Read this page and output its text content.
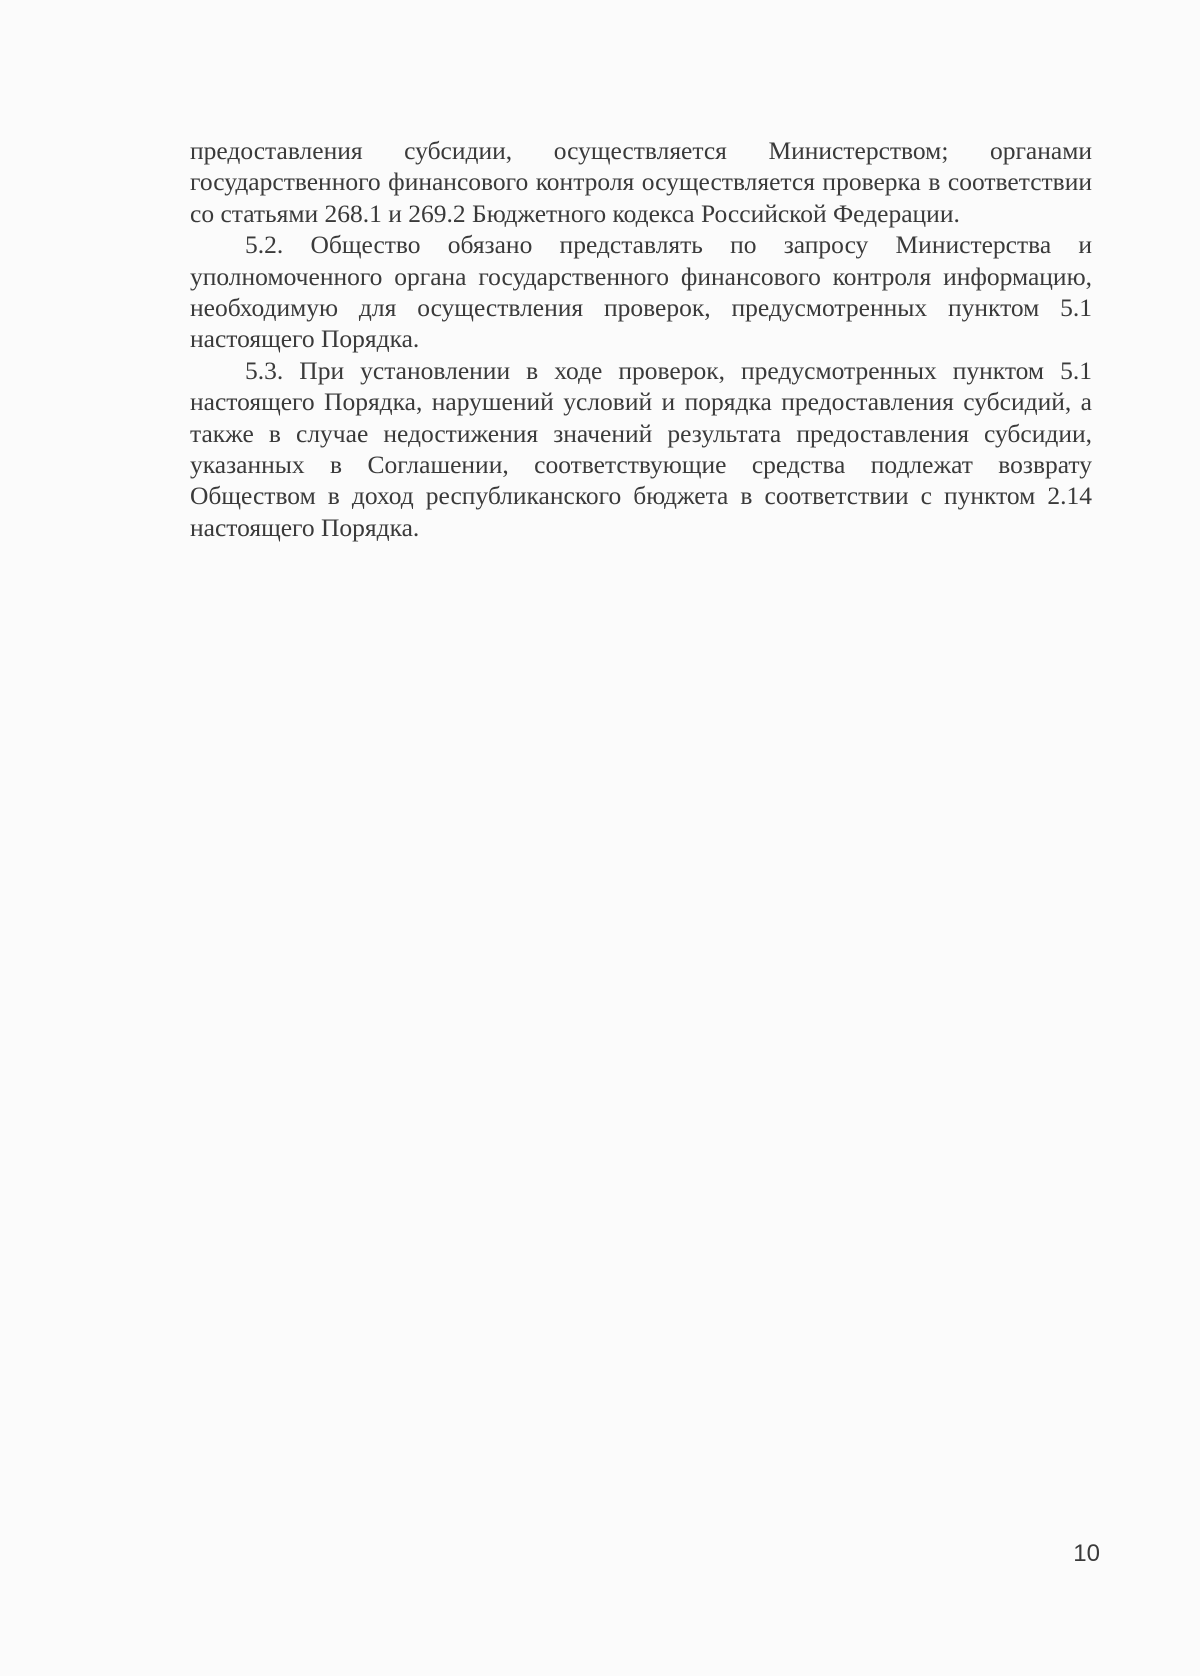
предоставления субсидии, осуществляется Министерством; органами государственного финансового контроля осуществляется проверка в соответствии со статьями 268.1 и 269.2 Бюджетного кодекса Российской Федерации.

5.2. Общество обязано представлять по запросу Министерства и уполномоченного органа государственного финансового контроля информацию, необходимую для осуществления проверок, предусмотренных пунктом 5.1 настоящего Порядка.

5.3. При установлении в ходе проверок, предусмотренных пунктом 5.1 настоящего Порядка, нарушений условий и порядка предоставления субсидий, а также в случае недостижения значений результата предоставления субсидии, указанных в Соглашении, соответствующие средства подлежат возврату Обществом в доход республиканского бюджета в соответствии с пунктом 2.14 настоящего Порядка.

10
